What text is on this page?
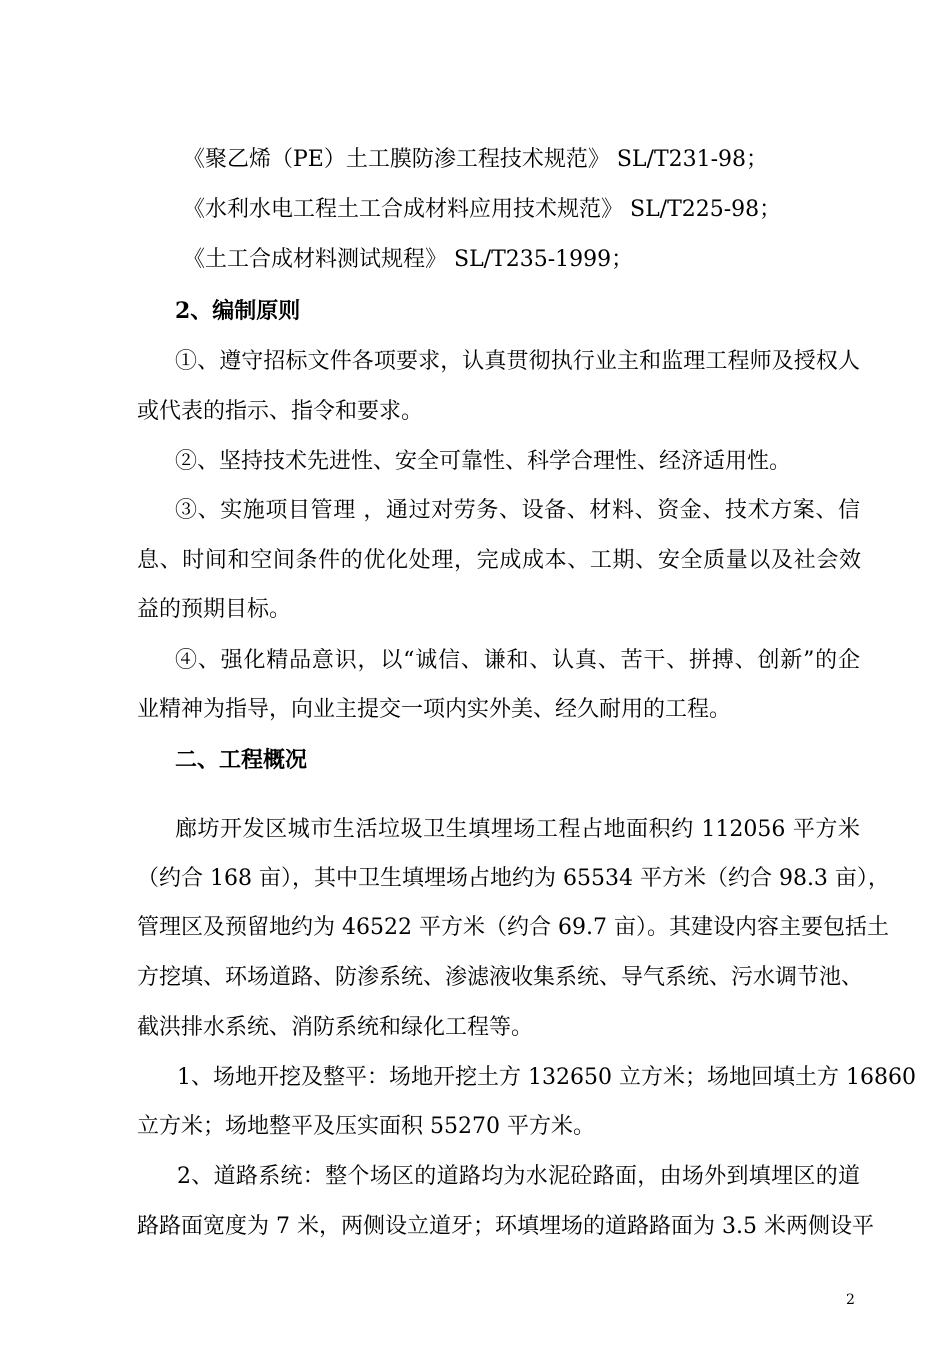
《聚乙烯（PE）土工膜防渗工程技术规范》 SL/T231-98；
《水利水电工程土工合成材料应用技术规范》 SL/T225-98；
《土工合成材料测试规程》 SL/T235-1999；
2、编制原则
①、遵守招标文件各项要求，认真贯彻执行业主和监理工程师及授权人
或代表的指示、指令和要求。
②、坚持技术先进性、安全可靠性、科学合理性、经济适用性。
③、实施项目管理 ，通过对劳务、设备、材料、资金、技术方案、信
息、时间和空间条件的优化处理，完成成本、工期、安全质量以及社会效
益的预期目标。
④、强化精品意识，以“诚信、谦和、认真、苦干、拼搏、创新”的企
业精神为指导，向业主提交一项内实外美、经久耐用的工程。
二、工程概况
廊坊开发区城市生活垃圾卫生填埋场工程占地面积约 112056 平方米
（约合 168 亩），其中卫生填埋场占地约为 65534 平方米（约合 98.3 亩），
管理区及预留地约为 46522 平方米（约合 69.7 亩）。其建设内容主要包括土
方挖填、环场道路、防渗系统、渗滤液收集系统、导气系统、污水调节池、
截洪排水系统、消防系统和绿化工程等。
1、场地开挖及整平：场地开挖土方 132650 立方米；场地回填土方 16860
立方米；场地整平及压实面积 55270 平方米。
2、道路系统：整个场区的道路均为水泥砼路面，由场外到填埋区的道
路路面宽度为 7 米，两侧设立道牙；环填埋场的道路路面为 3.5 米两侧设平
2
